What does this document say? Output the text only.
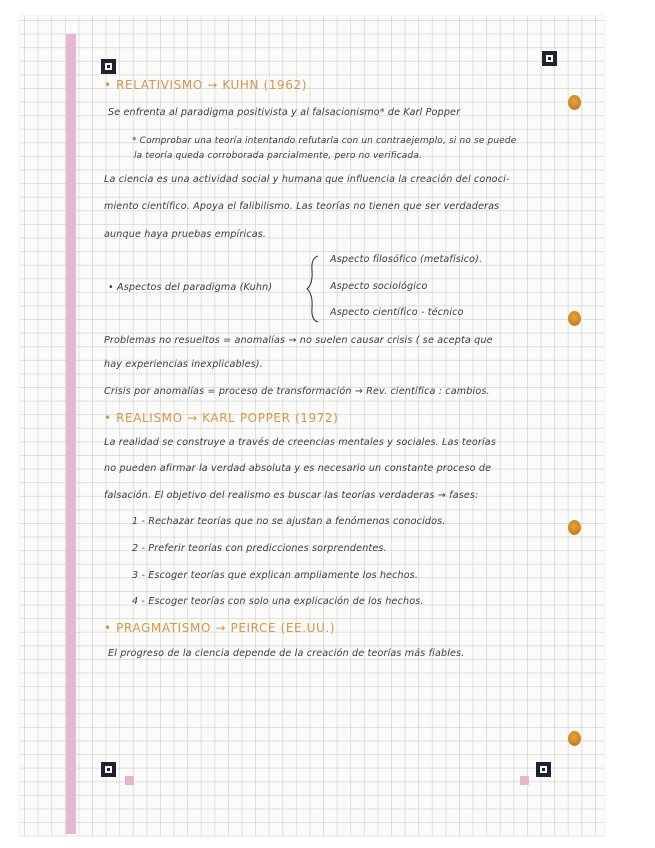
• RELATIVISMO → KUHN (1962)
Se enfrenta al paradigma positivista y al falsacionismo* de Karl Popper
* Comprobar una teoría intentando refutarla con un contraejemplo, si no se puede
la teoría queda corroborada parcialmente, pero no verificada.
La ciencia es una actividad social y humana que influencia la creación del conoci-
miento científico. Apoya el falibilismo. Las teorías no tienen que ser verdaderas
aunque haya pruebas empíricas.
• Aspectos del paradigma (Kuhn)
Aspecto filosófico (metafísico).
Aspecto sociológico
Aspecto científico - técnico
Problemas no resueltos = anomalías → no suelen causar crisis ( se acepta que
hay experiencias inexplicables).
Crisis por anomalías = proceso de transformación → Rev. científica : cambios.
• REALISMO → KARL POPPER (1972)
La realidad se construye a través de creencias mentales y sociales. Las teorías
no pueden afirmar la verdad absoluta y es necesario un constante proceso de
falsación. El objetivo del realismo es buscar las teorías verdaderas → fases:
1 - Rechazar teorías que no se ajustan a fenómenos conocidos.
2 - Preferir teorías con predicciones sorprendentes.
3 - Escoger teorías que explican ampliamente los hechos.
4 - Escoger teorías con solo una explicación de los hechos.
• PRAGMATISMO → PEIRCE (EE.UU.)
El progreso de la ciencia depende de la creación de teorías más fiables.
